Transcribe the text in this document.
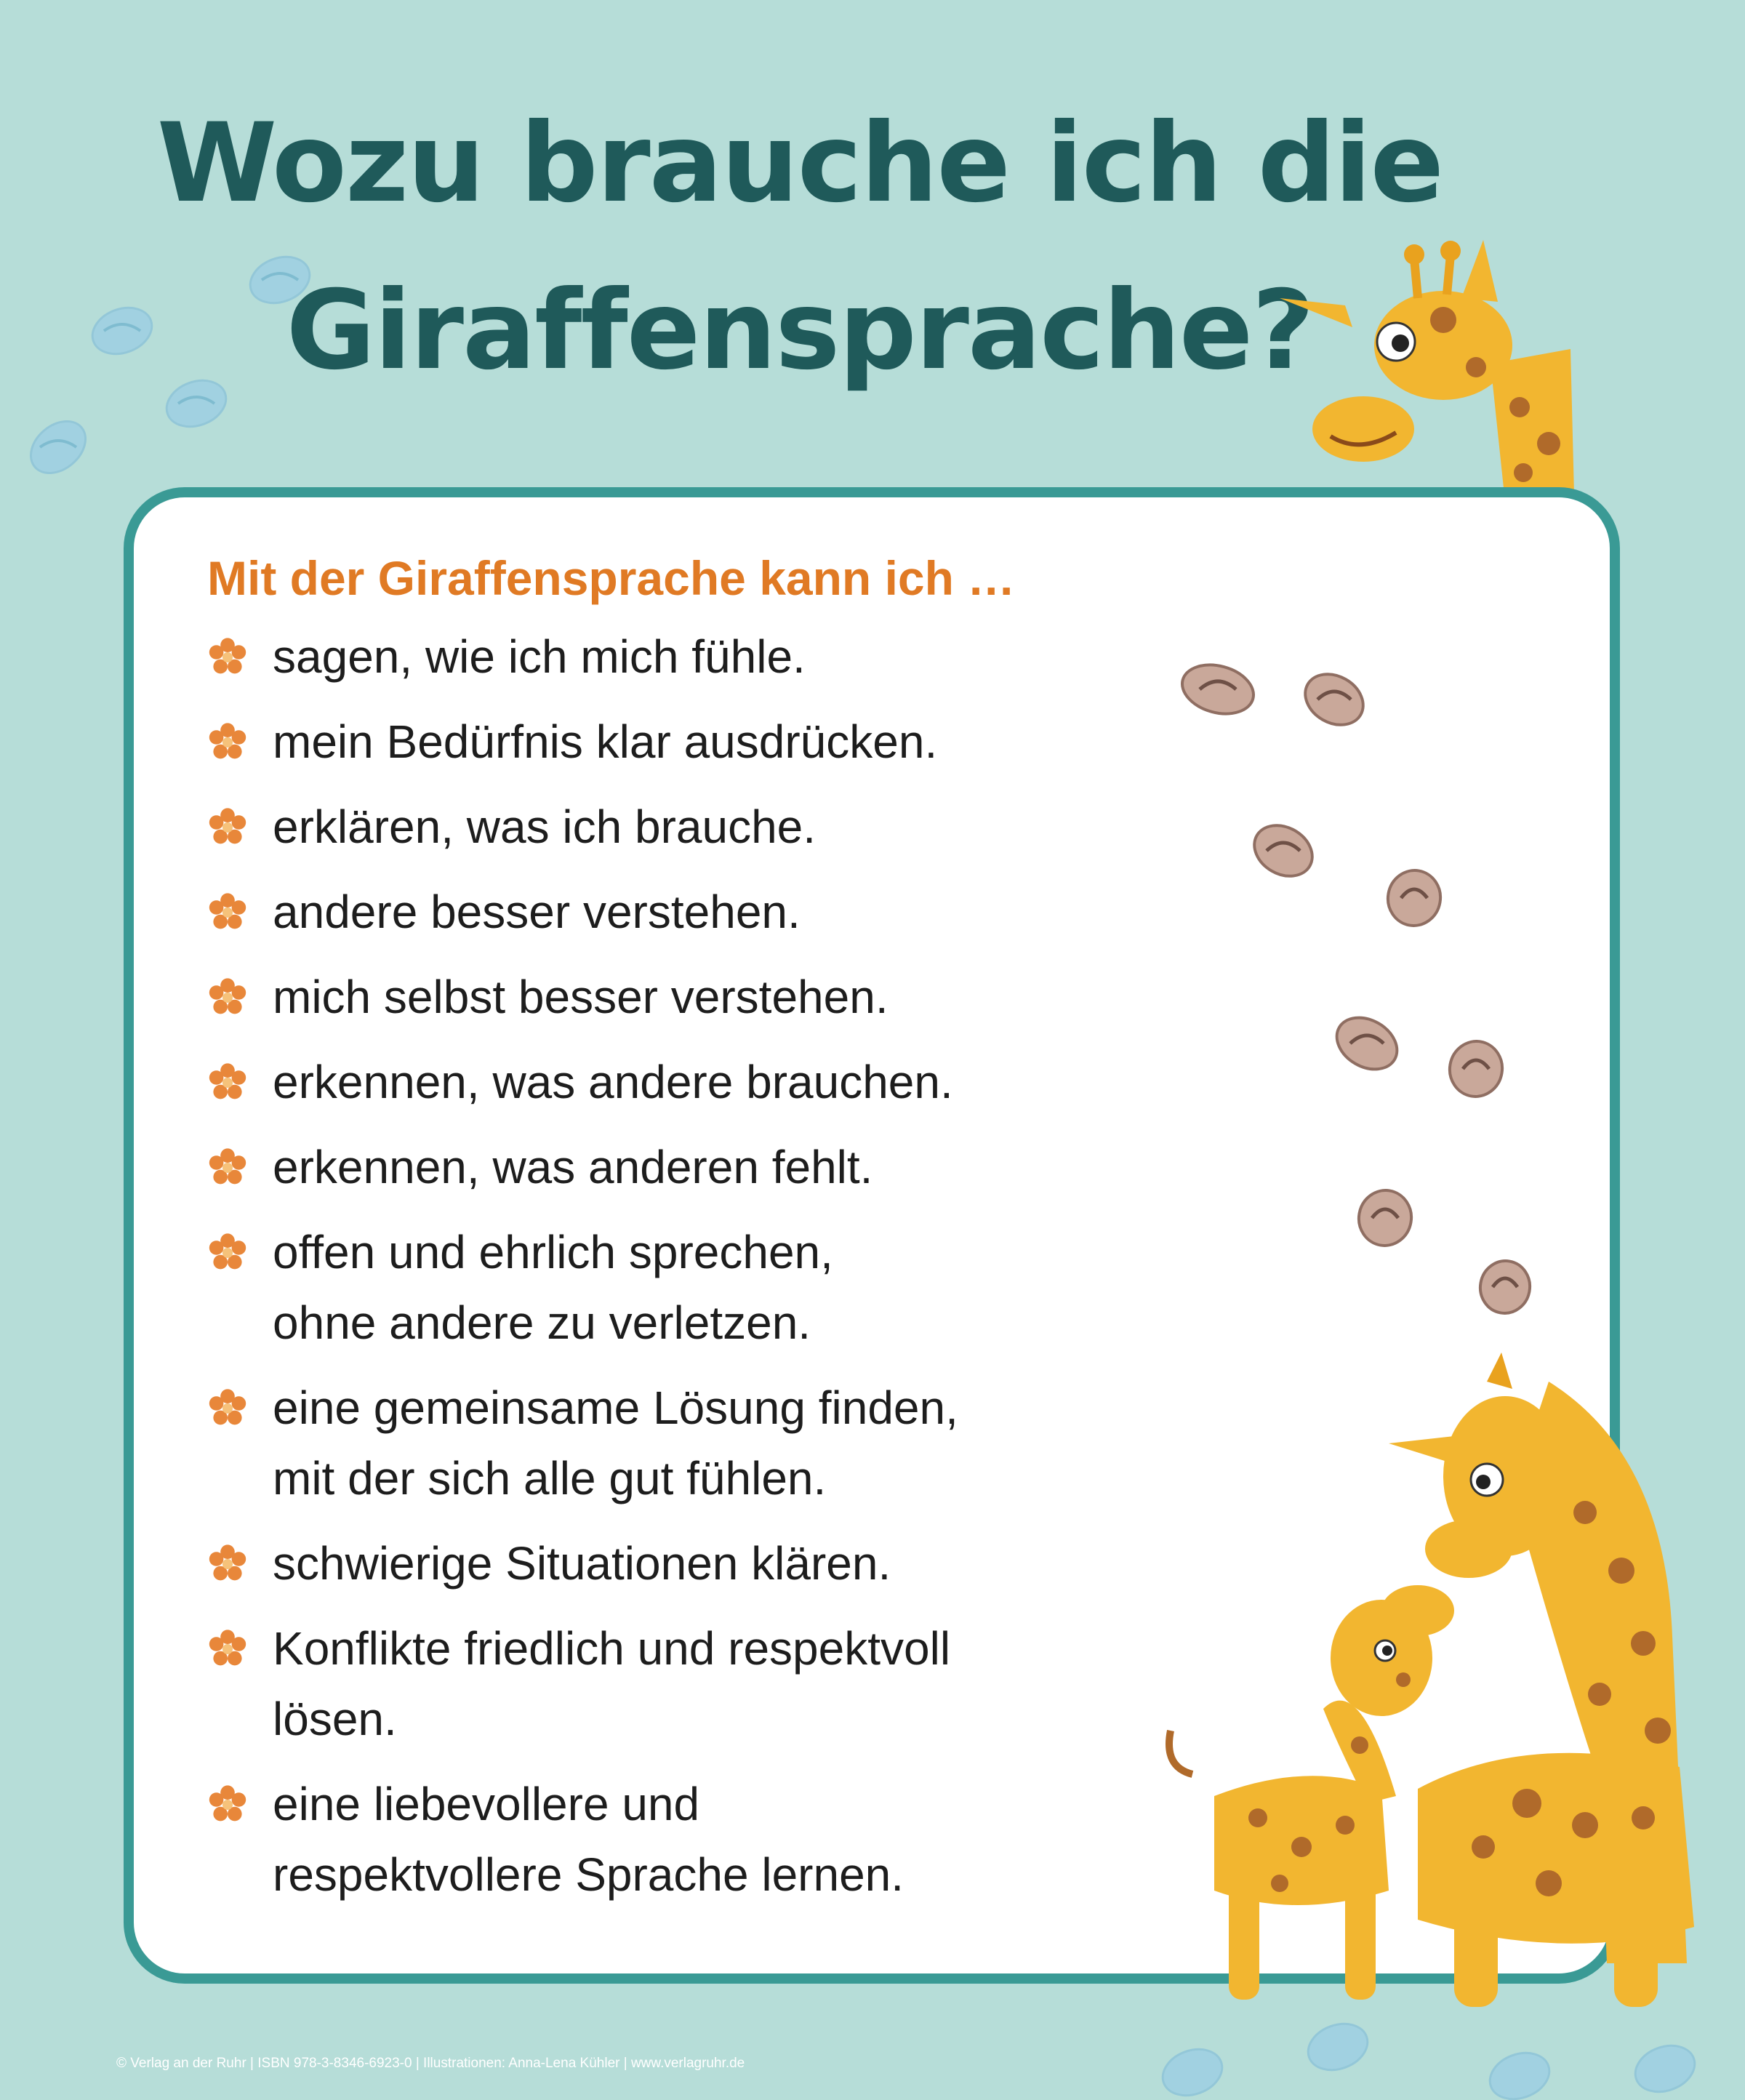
Wozu brauche ich die
Giraffensprache?

Mit der Giraffensprache kann ich …

sagen, wie ich mich fühle.
mein Bedürfnis klar ausdrücken.
erklären, was ich brauche.
andere besser verstehen.
mich selbst besser verstehen.
erkennen, was andere brauchen.
erkennen, was anderen fehlt.
offen und ehrlich sprechen,
ohne andere zu verletzen.
eine gemeinsame Lösung finden,
mit der sich alle gut fühlen.
schwierige Situationen klären.
Konflikte friedlich und respektvoll
lösen.
eine liebevollere und
respektvollere Sprache lernen.

© Verlag an der Ruhr | ISBN 978-3-8346-6923-0 | Illustrationen: Anna-Lena Kühler | www.verlagruhr.de
